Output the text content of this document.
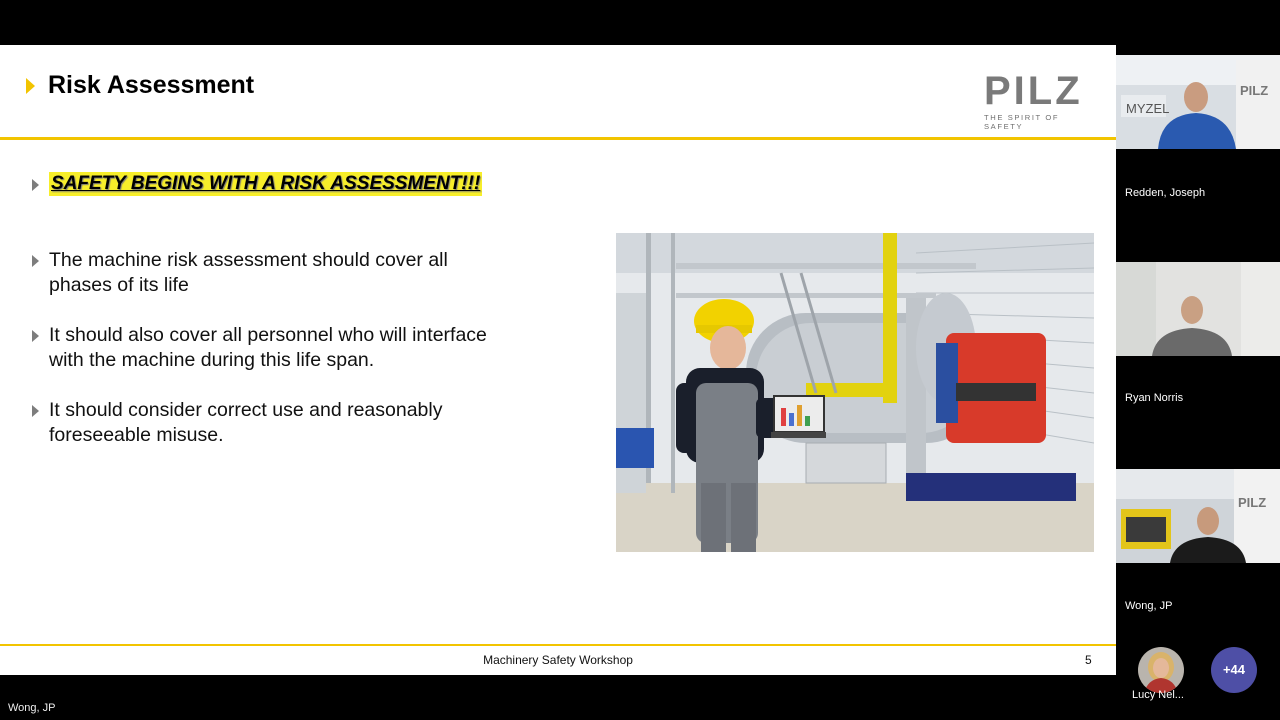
Risk Assessment	PILZ
THE SPIRIT OF SAFETY
SAFETY BEGINS WITH A RISK ASSESSMENT!!!
The machine risk assessment should cover all
phases of its life
It should also cover all personnel who will interface
with the machine during this life span.
It should consider correct use and reasonably
foreseeable misuse.
Machinery Safety Workshop	5
MYZEL
PILZ
Redden, Joseph
Ryan Norris
PILZ
Wong, JP
Lucy Nel...
+44
Wong, JP
